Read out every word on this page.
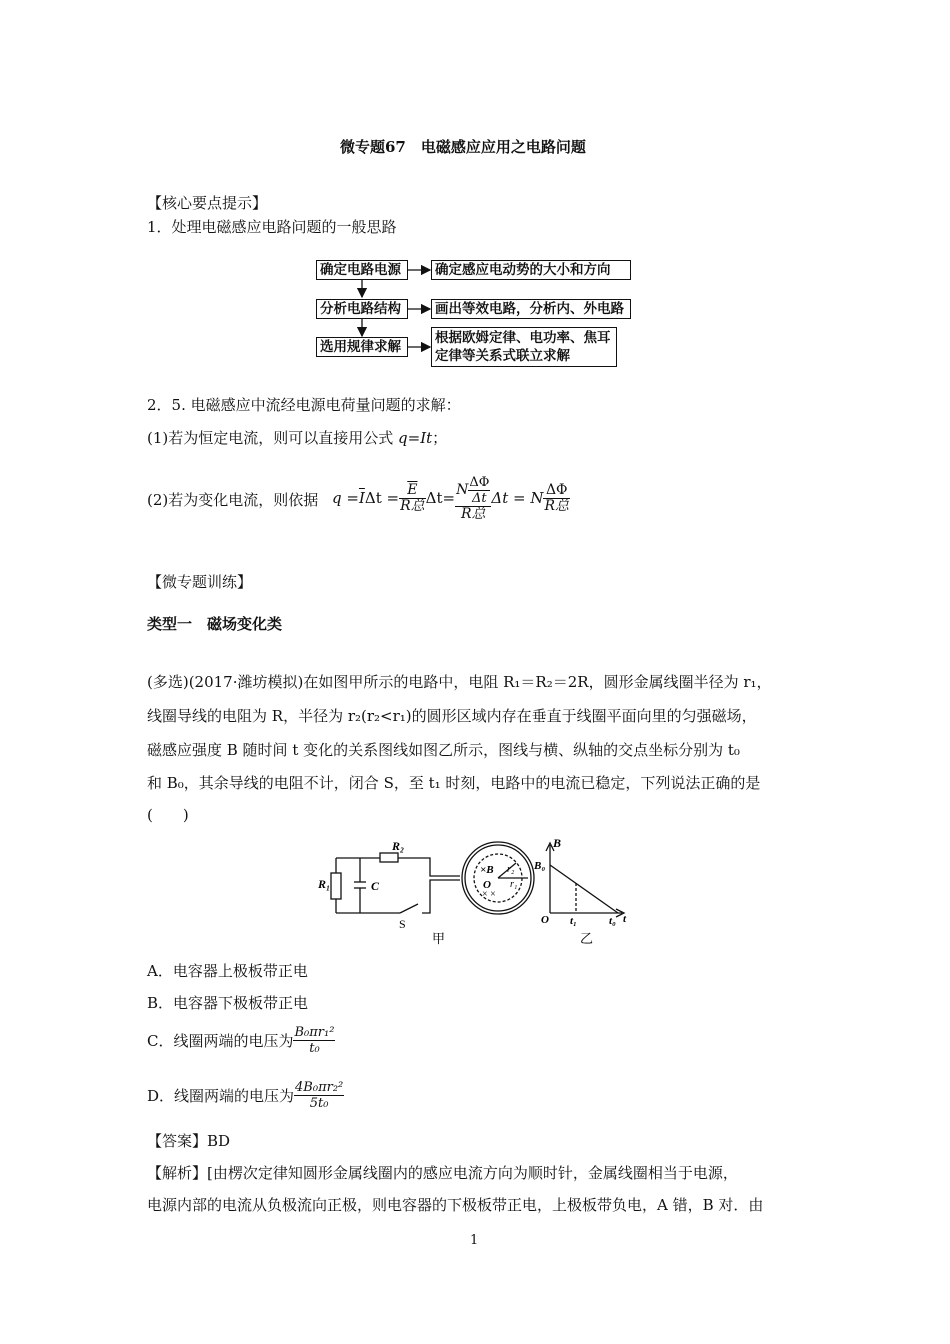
微专题67　电磁感应应用之电路问题
【核心要点提示】
1．处理电磁感应电路问题的一般思路
确定电路电源	确定感应电动势的大小和方向
分析电路结构	画出等效电路，分析内、外电路
选用规律求解
根据欧姆定律、电功率、焦耳
定律等关系式联立求解
2．5. 电磁感应中流经电源电荷量问题的求解：
(1)若为恒定电流，则可以直接用公式 q=It；
(2)若为变化电流，则依据 $q = \overline{I}$ $\Delta t = \frac{\overline{E}}{\text{R总}} \Delta t= \frac{N \frac{\Delta\Phi}{\Delta t}}{\text{R总}}$ Δt = N $\frac{\Delta\Phi}{\text{R总}}$
【微专题训练】
类型一　磁场变化类
(多选)(2017·潍坊模拟)在如图甲所示的电路中，电阻 R₁＝R₂＝2R，圆形金属线圈半径为 r₁，
线圈导线的电阻为 R，半径为 r₂(r₂<r₁)的圆形区域内存在垂直于线圈平面向里的匀强磁场，
磁感应强度 B 随时间 t 变化的关系图线如图乙所示，图线与横、纵轴的交点坐标分别为 t₀
和 B₀，其余导线的电阻不计，闭合 S，至 t₁ 时刻，电路中的电流已稳定，下列说法正确的是
(　　)
R₁
R₂
C
S
×B
O
r₂
r₁
× ×
甲
B
B₀
O t₁	t₀ t
乙
A．电容器上极板带正电
B．电容器下极板带正电
C．线圈两端的电压为 $\frac{\text{B₀πr₁²}}{\text{t₀}}$
D．线圈两端的电压为 $\frac{\text{4B₀πr₂²}}{\text{5t₀}}$
【答案】BD
【解析】[由楞次定律知圆形金属线圈内的感应电流方向为顺时针，金属线圈相当于电源，
电源内部的电流从负极流向正极，则电容器的下极板带正电，上极板带负电，A 错，B 对．由
1
